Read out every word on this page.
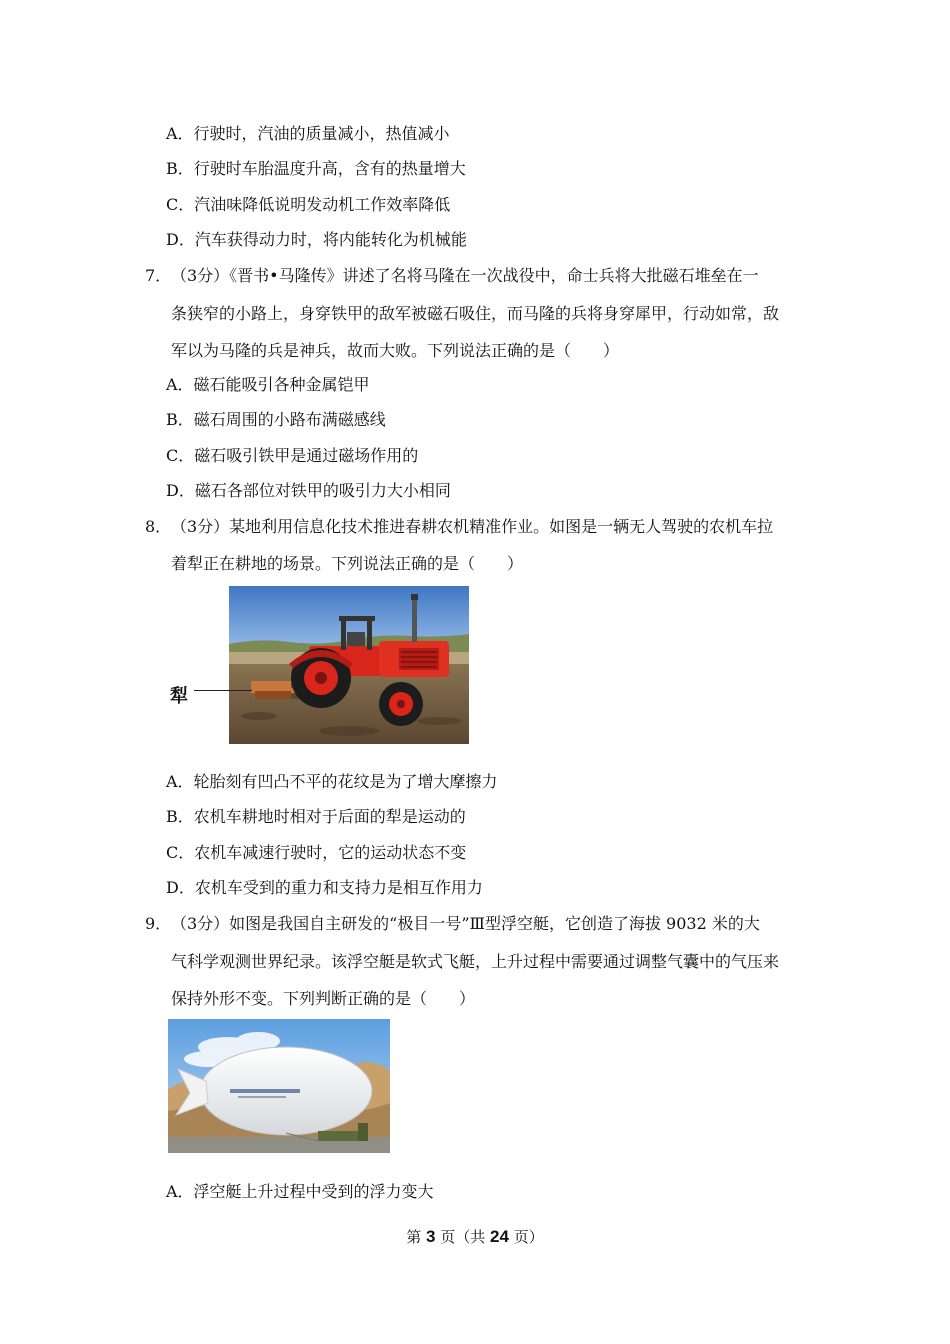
A．行驶时，汽油的质量减小，热值减小
B．行驶时车胎温度升高，含有的热量增大
C．汽油味降低说明发动机工作效率降低
D．汽车获得动力时，将内能转化为机械能
7． （3分）《晋书•马隆传》讲述了名将马隆在一次战役中，命士兵将大批磁石堆垒在一
条狭窄的小路上，身穿铁甲的敌军被磁石吸住，而马隆的兵将身穿犀甲，行动如常，敌
军以为马隆的兵是神兵，故而大败。下列说法正确的是（　　）
A．磁石能吸引各种金属铠甲
B．磁石周围的小路布满磁感线
C．磁石吸引铁甲是通过磁场作用的
D．磁石各部位对铁甲的吸引力大小相同
8． （3分）某地利用信息化技术推进春耕农机精准作业。如图是一辆无人驾驶的农机车拉
着犁正在耕地的场景。下列说法正确的是（　　）
犁
A．轮胎刻有凹凸不平的花纹是为了增大摩擦力
B．农机车耕地时相对于后面的犁是运动的
C．农机车减速行驶时，它的运动状态不变
D．农机车受到的重力和支持力是相互作用力
9． （3分）如图是我国自主研发的“极目一号”Ⅲ型浮空艇，它创造了海拔 9032 米的大
气科学观测世界纪录。该浮空艇是软式飞艇，上升过程中需要通过调整气囊中的气压来
保持外形不变。下列判断正确的是（　　）
A．浮空艇上升过程中受到的浮力变大
第 3 页（共 24 页）
